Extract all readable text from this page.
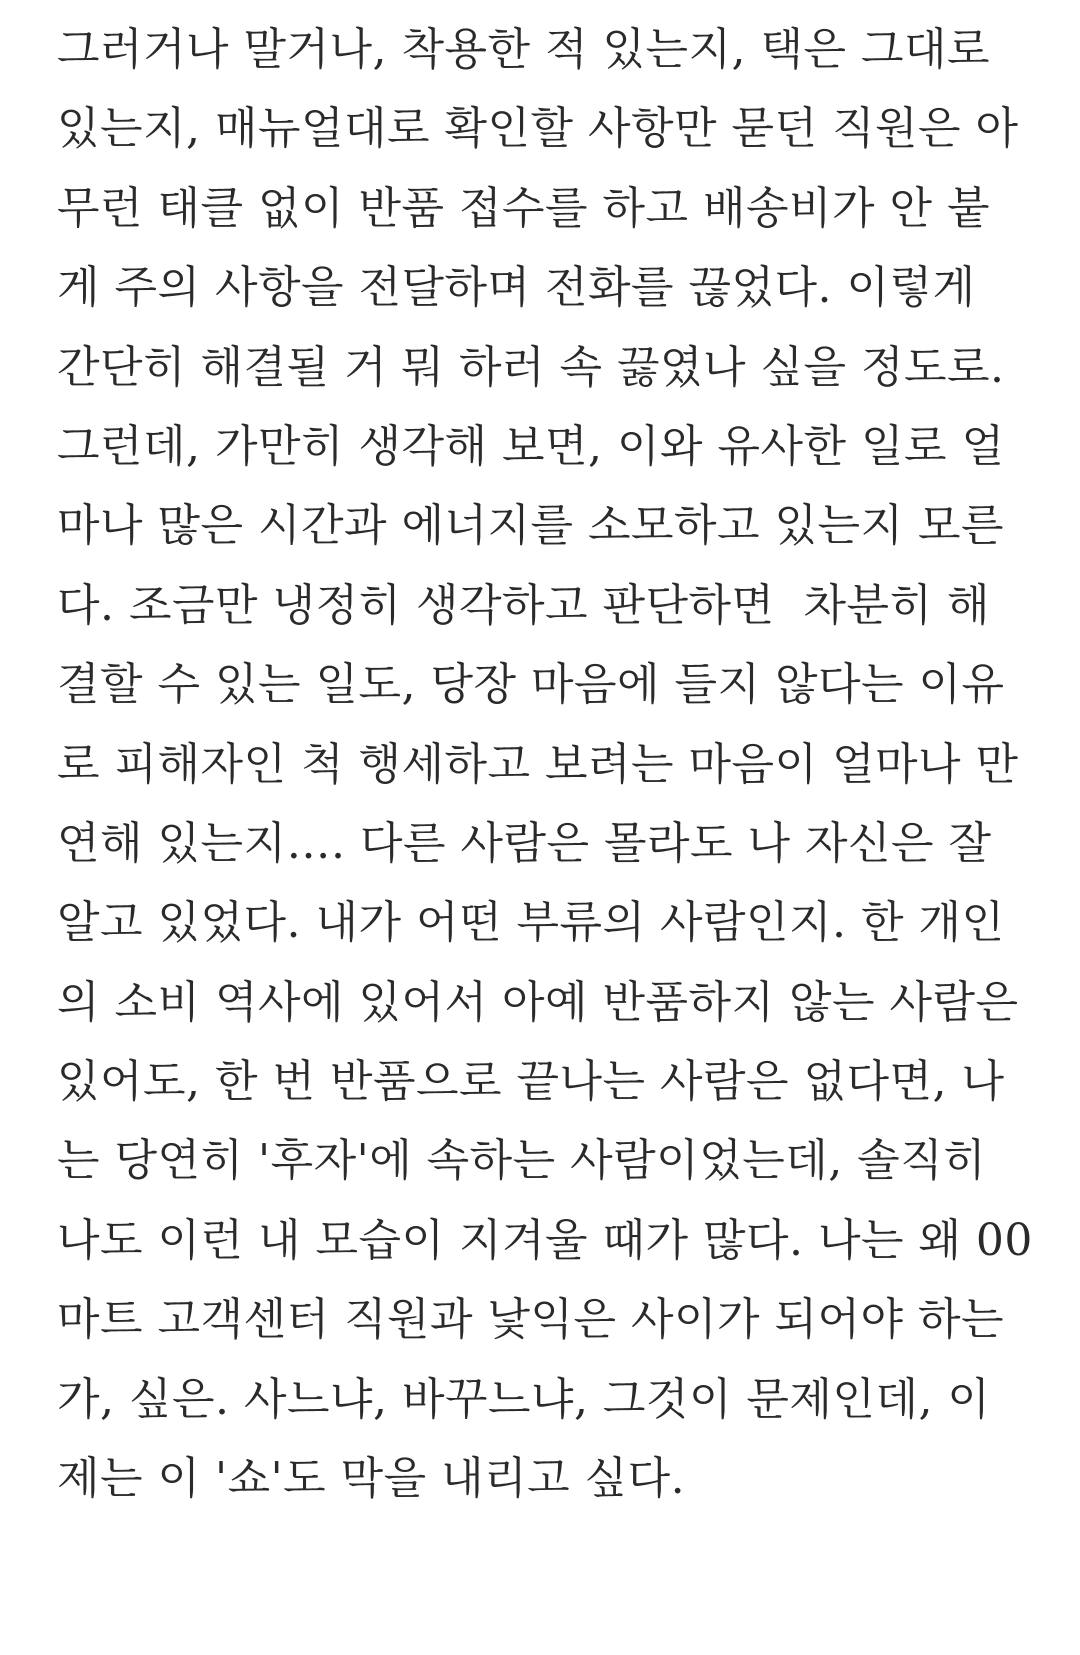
그러거나 말거나, 착용한 적 있는지, 택은 그대로
있는지, 매뉴얼대로 확인할 사항만 묻던 직원은 아
무런 태클 없이 반품 접수를 하고 배송비가 안 붙
게 주의 사항을 전달하며 전화를 끊었다. 이렇게
간단히 해결될 거 뭐 하러 속 끓였나 싶을 정도로.
그런데, 가만히 생각해 보면, 이와 유사한 일로 얼
마나 많은 시간과 에너지를 소모하고 있는지 모른
다. 조금만 냉정히 생각하고 판단하면  차분히 해
결할 수 있는 일도, 당장 마음에 들지 않다는 이유
로 피해자인 척 행세하고 보려는 마음이 얼마나 만
연해 있는지…. 다른 사람은 몰라도 나 자신은 잘
알고 있었다. 내가 어떤 부류의 사람인지. 한 개인
의 소비 역사에 있어서 아예 반품하지 않는 사람은
있어도, 한 번 반품으로 끝나는 사람은 없다면, 나
는 당연히 '후자'에 속하는 사람이었는데, 솔직히
나도 이런 내 모습이 지겨울 때가 많다. 나는 왜 00
마트 고객센터 직원과 낯익은 사이가 되어야 하는
가, 싶은. 사느냐, 바꾸느냐, 그것이 문제인데, 이
제는 이 '쇼'도 막을 내리고 싶다.
